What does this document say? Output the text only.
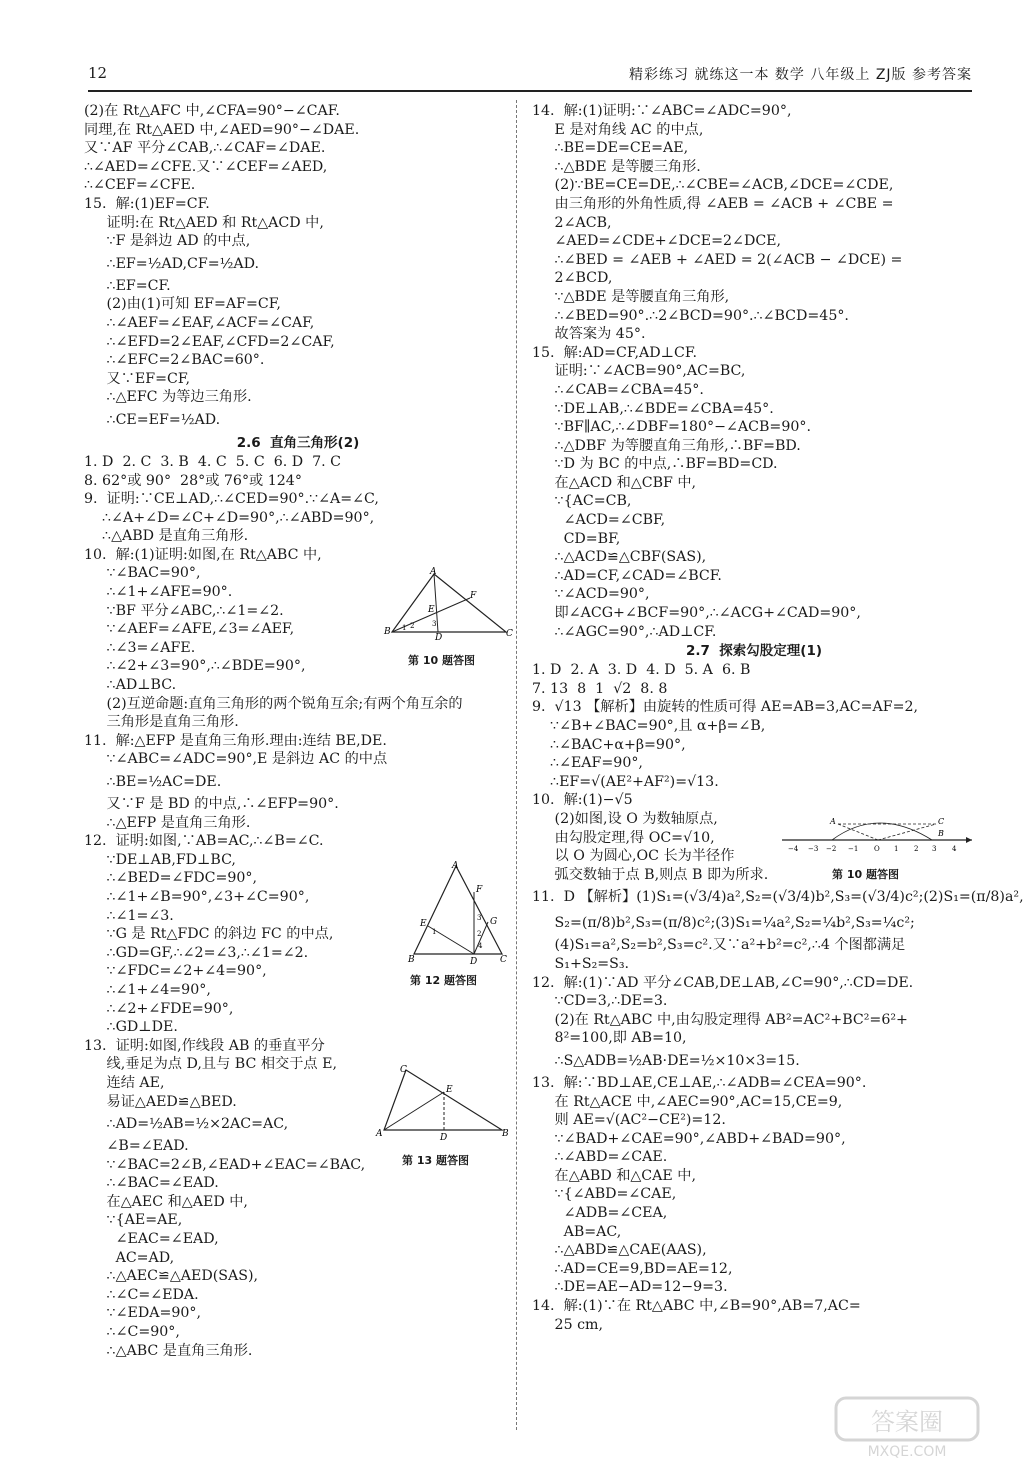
12	精彩练习 就练这一本 数学 八年级上 ZJ版 参考答案
(2)在 Rt△AFC 中,∠CFA=90°−∠CAF.
同理,在 Rt△AED 中,∠AED=90°−∠DAE.
又∵AF 平分∠CAB,∴∠CAF=∠DAE.
∴∠AED=∠CFE.又∵∠CEF=∠AED,
∴∠CEF=∠CFE.
15.  解:(1)EF=CF.
证明:在 Rt△AED 和 Rt△ACD 中,
∵F 是斜边 AD 的中点,
∴EF=½AD,CF=½AD.
∴EF=CF.
(2)由(1)可知 EF=AF=CF,
∴∠AEF=∠EAF,∠ACF=∠CAF,
∴∠EFD=2∠EAF,∠CFD=2∠CAF,
∴∠EFC=2∠BAC=60°.
又∵EF=CF,
∴△EFC 为等边三角形.
∴CE=EF=½AD.
2.6  直角三角形(2)
1. D  2. C  3. B  4. C  5. C  6. D  7. C
8. 62°或 90°  28°或 76°或 124°
9.  证明:∵CE⊥AD,∴∠CED=90°.∵∠A=∠C,
∴∠A+∠D=∠C+∠D=90°,∴∠ABD=90°,
∴△ABD 是直角三角形.
10.  解:(1)证明:如图,在 Rt△ABC 中,
∵∠BAC=90°,
∴∠1+∠AFE=90°.
∵BF 平分∠ABC,∴∠1=∠2.
∵∠AEF=∠AFE,∠3=∠AEF,
∴∠3=∠AFE.
∴∠2+∠3=90°,∴∠BDE=90°,
∴AD⊥BC.
(2)互逆命题:直角三角形的两个锐角互余;有两个角互余的
三角形是直角三角形.
11.  解:△EFP 是直角三角形.理由:连结 BE,DE.
∵∠ABC=∠ADC=90°,E 是斜边 AC 的中点
∴BE=½AC=DE.
又∵F 是 BD 的中点,∴∠EFP=90°.
∴△EFP 是直角三角形.
12.  证明:如图,∵AB=AC,∴∠B=∠C.
∵DE⊥AB,FD⊥BC,
∴∠BED=∠FDC=90°,
∴∠1+∠B=90°,∠3+∠C=90°,
∴∠1=∠3.
∵G 是 Rt△FDC 的斜边 FC 的中点,
∴GD=GF,∴∠2=∠3,∴∠1=∠2.
∵∠FDC=∠2+∠4=90°,
∴∠1+∠4=90°,
∴∠2+∠FDE=90°,
∴GD⊥DE.
13.  证明:如图,作线段 AB 的垂直平分
线,垂足为点 D,且与 BC 相交于点 E,
连结 AE,
易证△AED≌△BED.
∴AD=½AB=½×2AC=AC,
∠B=∠EAD.
∵∠BAC=2∠B,∠EAD+∠EAC=∠BAC,
∴∠BAC=∠EAD.
在△AEC 和△AED 中,
∵{AE=AE,
∠EAC=∠EAD,
AC=AD,
∴△AEC≌△AED(SAS),
∴∠C=∠EDA.
∵∠EDA=90°,
∴∠C=90°,
∴△ABC 是直角三角形.
14.  解:(1)证明:∵∠ABC=∠ADC=90°,
E 是对角线 AC 的中点,
∴BE=DE=CE=AE,
∴△BDE 是等腰三角形.
(2)∵BE=CE=DE,∴∠CBE=∠ACB,∠DCE=∠CDE,
由三角形的外角性质,得 ∠AEB = ∠ACB + ∠CBE =
2∠ACB,
∠AED=∠CDE+∠DCE=2∠DCE,
∴∠BED = ∠AEB + ∠AED = 2(∠ACB − ∠DCE) =
2∠BCD,
∵△BDE 是等腰直角三角形,
∴∠BED=90°.∴2∠BCD=90°.∴∠BCD=45°.
故答案为 45°.
15.  解:AD=CF,AD⊥CF.
证明:∵∠ACB=90°,AC=BC,
∴∠CAB=∠CBA=45°.
∵DE⊥AB,∴∠BDE=∠CBA=45°.
∵BF∥AC,∴∠DBF=180°−∠ACB=90°.
∴△DBF 为等腰直角三角形,∴BF=BD.
∵D 为 BC 的中点,∴BF=BD=CD.
在△ACD 和△CBF 中,
∵{AC=CB,
∠ACD=∠CBF,
CD=BF,
∴△ACD≌△CBF(SAS),
∴AD=CF,∠CAD=∠BCF.
∵∠ACD=90°,
即∠ACG+∠BCF=90°,∴∠ACG+∠CAD=90°,
∴∠AGC=90°,∴AD⊥CF.
2.7  探索勾股定理(1)
1. D  2. A  3. D  4. D  5. A  6. B
7. 13  8  1  √2  8. 8
9.  √13 【解析】由旋转的性质可得 AE=AB=3,AC=AF=2,
∵∠B+∠BAC=90°,且 α+β=∠B,
∴∠BAC+α+β=90°,
∴∠EAF=90°,
∴EF=√(AE²+AF²)=√13.
10.  解:(1)−√5
(2)如图,设 O 为数轴原点,
由勾股定理,得 OC=√10,
以 O 为圆心,OC 长为半径作
弧交数轴于点 B,则点 B 即为所求.
11.  D 【解析】(1)S₁=(√3/4)a²,S₂=(√3/4)b²,S₃=(√3/4)c²;(2)S₁=(π/8)a²,
S₂=(π/8)b²,S₃=(π/8)c²;(3)S₁=¼a²,S₂=¼b²,S₃=¼c²;
(4)S₁=a²,S₂=b²,S₃=c².又∵a²+b²=c²,∴4 个图都满足
S₁+S₂=S₃.
12.  解:(1)∵AD 平分∠CAB,DE⊥AB,∠C=90°,∴CD=DE.
∵CD=3,∴DE=3.
(2)在 Rt△ABC 中,由勾股定理得 AB²=AC²+BC²=6²+
8²=100,即 AB=10,
∴S△ADB=½AB·DE=½×10×3=15.
13.  解:∵BD⊥AE,CE⊥AE,∴∠ADB=∠CEA=90°.
在 Rt△ACE 中,∠AEC=90°,AC=15,CE=9,
则 AE=√(AC²−CE²)=12.
∵∠BAD+∠CAE=90°,∠ABD+∠BAD=90°,
∴∠ABD=∠CAE.
在△ABD 和△CAE 中,
∵{∠ABD=∠CAE,
∠ADB=∠CEA,
AB=AC,
∴△ABD≌△CAE(AAS),
∴AD=CE=9,BD=AE=12,
∴DE=AE−AD=12−9=3.
14.  解:(1)∵在 Rt△ABC 中,∠B=90°,AB=7,AC=
25 cm,
A
B	C
D
E
F
1 2	3
第 10 题答图
A
B	C
F
G
E
D
3
2
1
4
第 12 题答图
C
A	B
E
D
第 13 题答图
A	C
B
−4 −3 −2 −1 O 1 2 3 4
第 10 题答图
答案圈
MXQE.COM
